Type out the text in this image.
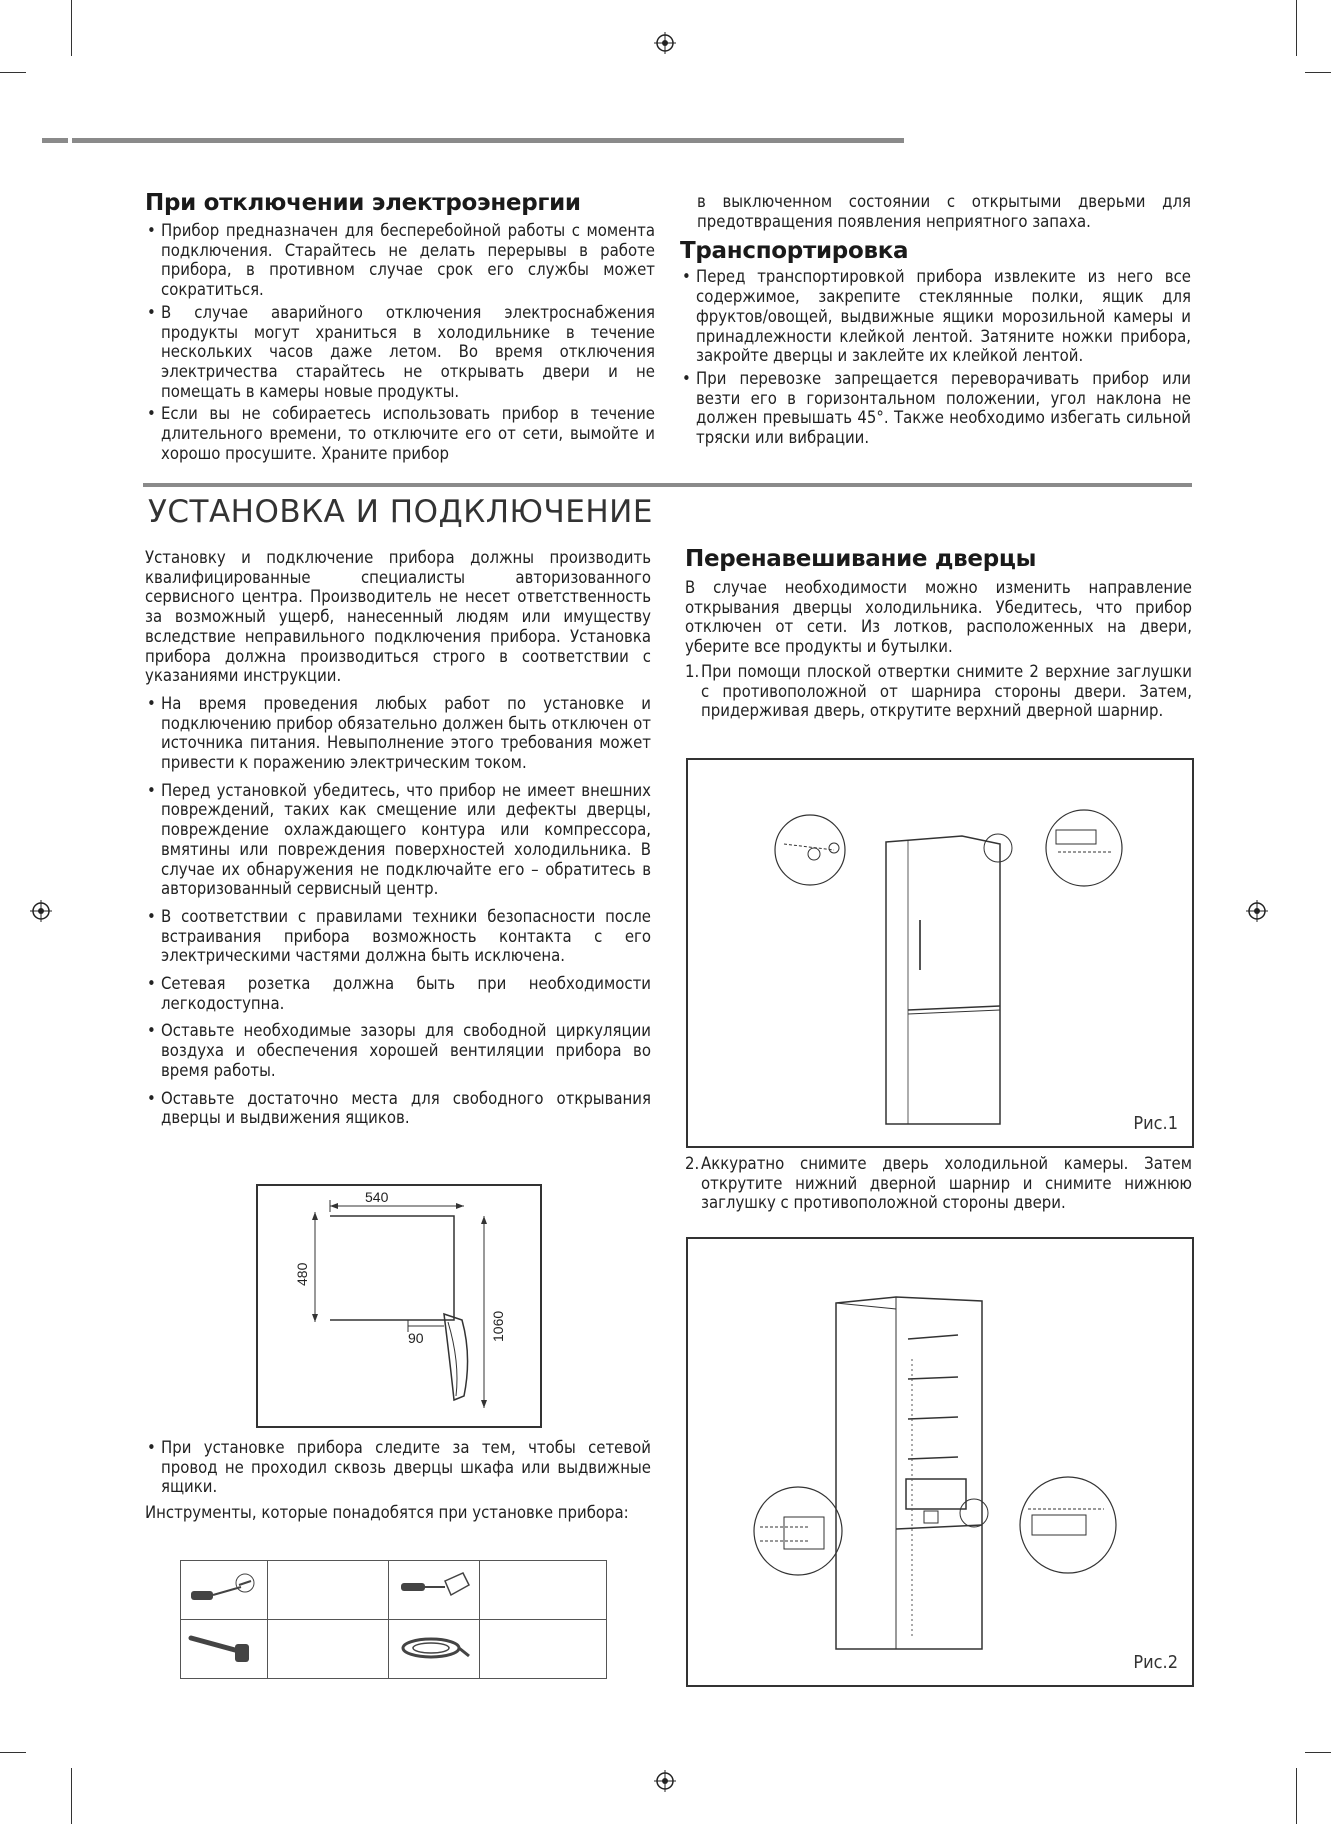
При отключении электроэнергии
• Прибор предназначен для бесперебойной работы с момента подключения. Старайтесь не делать перерывы в работе прибора, в противном случае срок его службы может сократиться.
• В случае аварийного отключения электроснабжения продукты могут храниться в холодильнике в течение нескольких часов даже летом. Во время отключения электричества старайтесь не открывать двери и не помещать в камеры новые продукты.
• Если вы не собираетесь использовать прибор в течение длительного времени, то отключите его от сети, вымойте и хорошо просушите. Храните прибор

в выключенном состоянии с открытыми дверьми для предотвращения появления неприятного запаха.

Транспортировка
• Перед транспортировкой прибора извлеките из него все содержимое, закрепите стеклянные полки, ящик для фруктов/овощей, выдвижные ящики морозильной камеры и принадлежности клейкой лентой. Затяните ножки прибора, закройте дверцы и заклейте их клейкой лентой.
• При перевозке запрещается переворачивать прибор или везти его в горизонтальном положении, угол наклона не должен превышать 45°. Также необходимо избегать сильной тряски или вибрации.
УСТАНОВКА И ПОДКЛЮЧЕНИЕ

Установку и подключение прибора должны производить квалифицированные специалисты авторизованного сервисного центра. Производитель не несет ответственность за возможный ущерб, нанесенный людям или имуществу вследствие неправильного подключения прибора. Установка прибора должна производиться строго в соответствии с указаниями инструкции.

• На время проведения любых работ по установке и подключению прибор обязательно должен быть отключен от источника питания. Невыполнение этого требования может привести к поражению электрическим током.
• Перед установкой убедитесь, что прибор не имеет внешних повреждений, таких как смещение или дефекты дверцы, повреждение охлаждающего контура или компрессора, вмятины или повреждения поверхностей холодильника. В случае их обнаружения не подключайте его – обратитесь в авторизованный сервисный центр.
• В соответствии с правилами техники безопасности после встраивания прибора возможность контакта с его электрическими частями должна быть исключена.
• Сетевая розетка должна быть при необходимости легкодоступна.
• Оставьте необходимые зазоры для свободной циркуляции воздуха и обеспечения хорошей вентиляции прибора во время работы.
• Оставьте достаточно места для свободного открывания дверцы и выдвижения ящиков.
540
480
1060
90
• При установке прибора следите за тем, чтобы сетевой провод не проходил сквозь дверцы шкафа или выдвижные ящики.

Инструменты, которые понадобятся при установке прибора:

Перенавешивание дверцы

В случае необходимости можно изменить направление открывания дверцы холодильника. Убедитесь, что прибор отключен от сети. Из лотков, расположенных на двери, уберите все продукты и бутылки.

1. При помощи плоской отвертки снимите 2 верхние заглушки с противоположной от шарнира стороны двери. Затем, придерживая дверь, открутите верхний дверной шарнир.
Рис.1
2. Аккуратно снимите дверь холодильной камеры. Затем открутите нижний дверной шарнир и снимите нижнюю заглушку с противоположной стороны двери.
Рис.2
